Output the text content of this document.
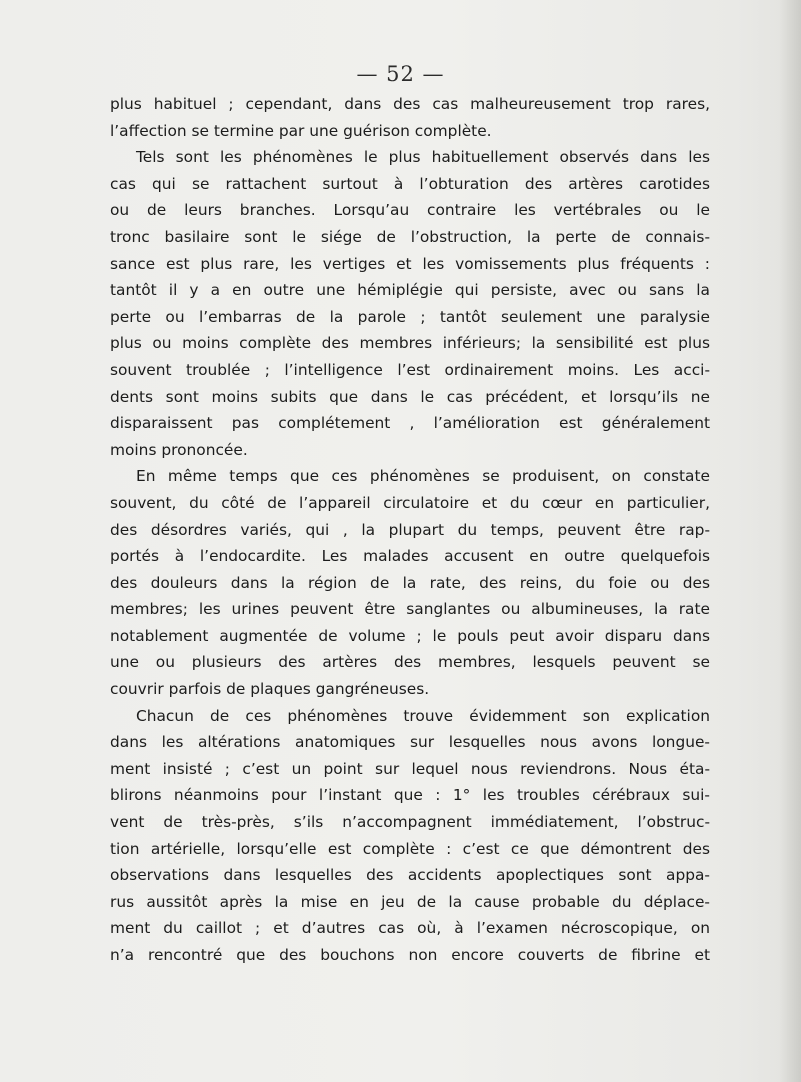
— 52 —
plus habituel ; cependant, dans des cas malheureusement trop rares,
l’affection se termine par une guérison complète.
Tels sont les phénomènes le plus habituellement observés dans les
cas qui se rattachent surtout à l’obturation des artères carotides
ou de leurs branches. Lorsqu’au contraire les vertébrales ou le
tronc basilaire sont le siége de l’obstruction, la perte de connais-
sance est plus rare, les vertiges et les vomissements plus fréquents :
tantôt il y a en outre une hémiplégie qui persiste, avec ou sans la
perte ou l’embarras de la parole ; tantôt seulement une paralysie
plus ou moins complète des membres inférieurs; la sensibilité est plus
souvent troublée ; l’intelligence l’est ordinairement moins. Les acci-
dents sont moins subits que dans le cas précédent, et lorsqu’ils ne
disparaissent pas complétement , l’amélioration est généralement
moins prononcée.
En même temps que ces phénomènes se produisent, on constate
souvent, du côté de l’appareil circulatoire et du cœur en particulier,
des désordres variés, qui , la plupart du temps, peuvent être rap-
portés à l’endocardite. Les malades accusent en outre quelquefois
des douleurs dans la région de la rate, des reins, du foie ou des
membres; les urines peuvent être sanglantes ou albumineuses, la rate
notablement augmentée de volume ; le pouls peut avoir disparu dans
une ou plusieurs des artères des membres, lesquels peuvent se
couvrir parfois de plaques gangréneuses.
Chacun de ces phénomènes trouve évidemment son explication
dans les altérations anatomiques sur lesquelles nous avons longue-
ment insisté ; c’est un point sur lequel nous reviendrons. Nous éta-
blirons néanmoins pour l’instant que : 1° les troubles cérébraux sui-
vent de très-près, s’ils n’accompagnent immédiatement, l’obstruc-
tion artérielle, lorsqu’elle est complète : c’est ce que démontrent des
observations dans lesquelles des accidents apoplectiques sont appa-
rus aussitôt après la mise en jeu de la cause probable du déplace-
ment du caillot ; et d’autres cas où, à l’examen nécroscopique, on
n’a rencontré que des bouchons non encore couverts de fibrine et
